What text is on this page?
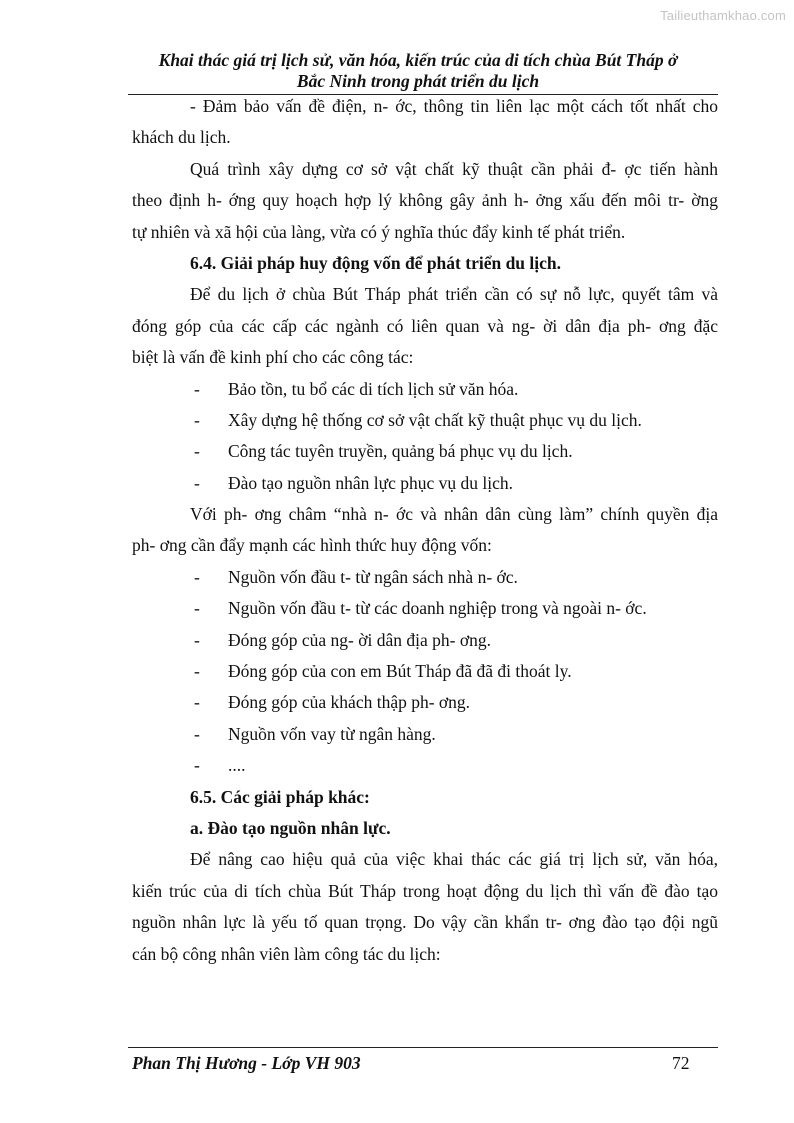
Tailieuthamkhao.com
Khai thác giá trị lịch sử, văn hóa, kiến trúc của di tích chùa Bút Tháp ở
Bắc Ninh trong phát triển du lịch
- Đảm bảo vấn đề điện, n- ớc, thông tin liên lạc một cách tốt nhất cho
khách du lịch.
Quá trình xây dựng cơ sở vật chất kỹ thuật cần phải đ- ợc tiến hành
theo định h- ớng quy hoạch hợp lý không gây ảnh h- ởng xấu đến môi tr- ờng
tự nhiên và xã hội của làng, vừa có ý nghĩa thúc đẩy kinh tế phát triển.
6.4. Giải pháp huy động vốn để phát triển du lịch.
Để du lịch ở chùa Bút Tháp phát triển cần có sự nỗ lực, quyết tâm và
đóng góp của các cấp các ngành có liên quan và ng- ời dân địa ph- ơng đặc
biệt là vấn đề kinh phí cho các công tác:
- Bảo tồn, tu bổ các di tích lịch sử văn hóa.
- Xây dựng hệ thống cơ sở vật chất kỹ thuật phục vụ du lịch.
- Công tác tuyên truyền, quảng bá phục vụ du lịch.
- Đào tạo nguồn nhân lực phục vụ du lịch.
Với ph- ơng châm “nhà n- ớc và nhân dân cùng làm” chính quyền địa
ph- ơng cần đẩy mạnh các hình thức huy động vốn:
- Nguồn vốn đầu t- từ ngân sách nhà n- ớc.
- Nguồn vốn đầu t- từ các doanh nghiệp trong và ngoài n- ớc.
- Đóng góp của ng- ời dân địa ph- ơng.
- Đóng góp của con em Bút Tháp đã đã đi thoát ly.
- Đóng góp của khách thập ph- ơng.
- Nguồn vốn vay từ ngân hàng.
- ....
6.5. Các giải pháp khác:
a. Đào tạo nguồn nhân lực.
Để nâng cao hiệu quả của việc khai thác các giá trị lịch sử, văn hóa,
kiến trúc của di tích chùa Bút Tháp trong hoạt động du lịch thì vấn đề đào tạo
nguồn nhân lực là yếu tố quan trọng. Do vậy cần khẩn tr- ơng đào tạo đội ngũ
cán bộ công nhân viên làm công tác du lịch:
Phan Thị Hương - Lớp VH 903	72
